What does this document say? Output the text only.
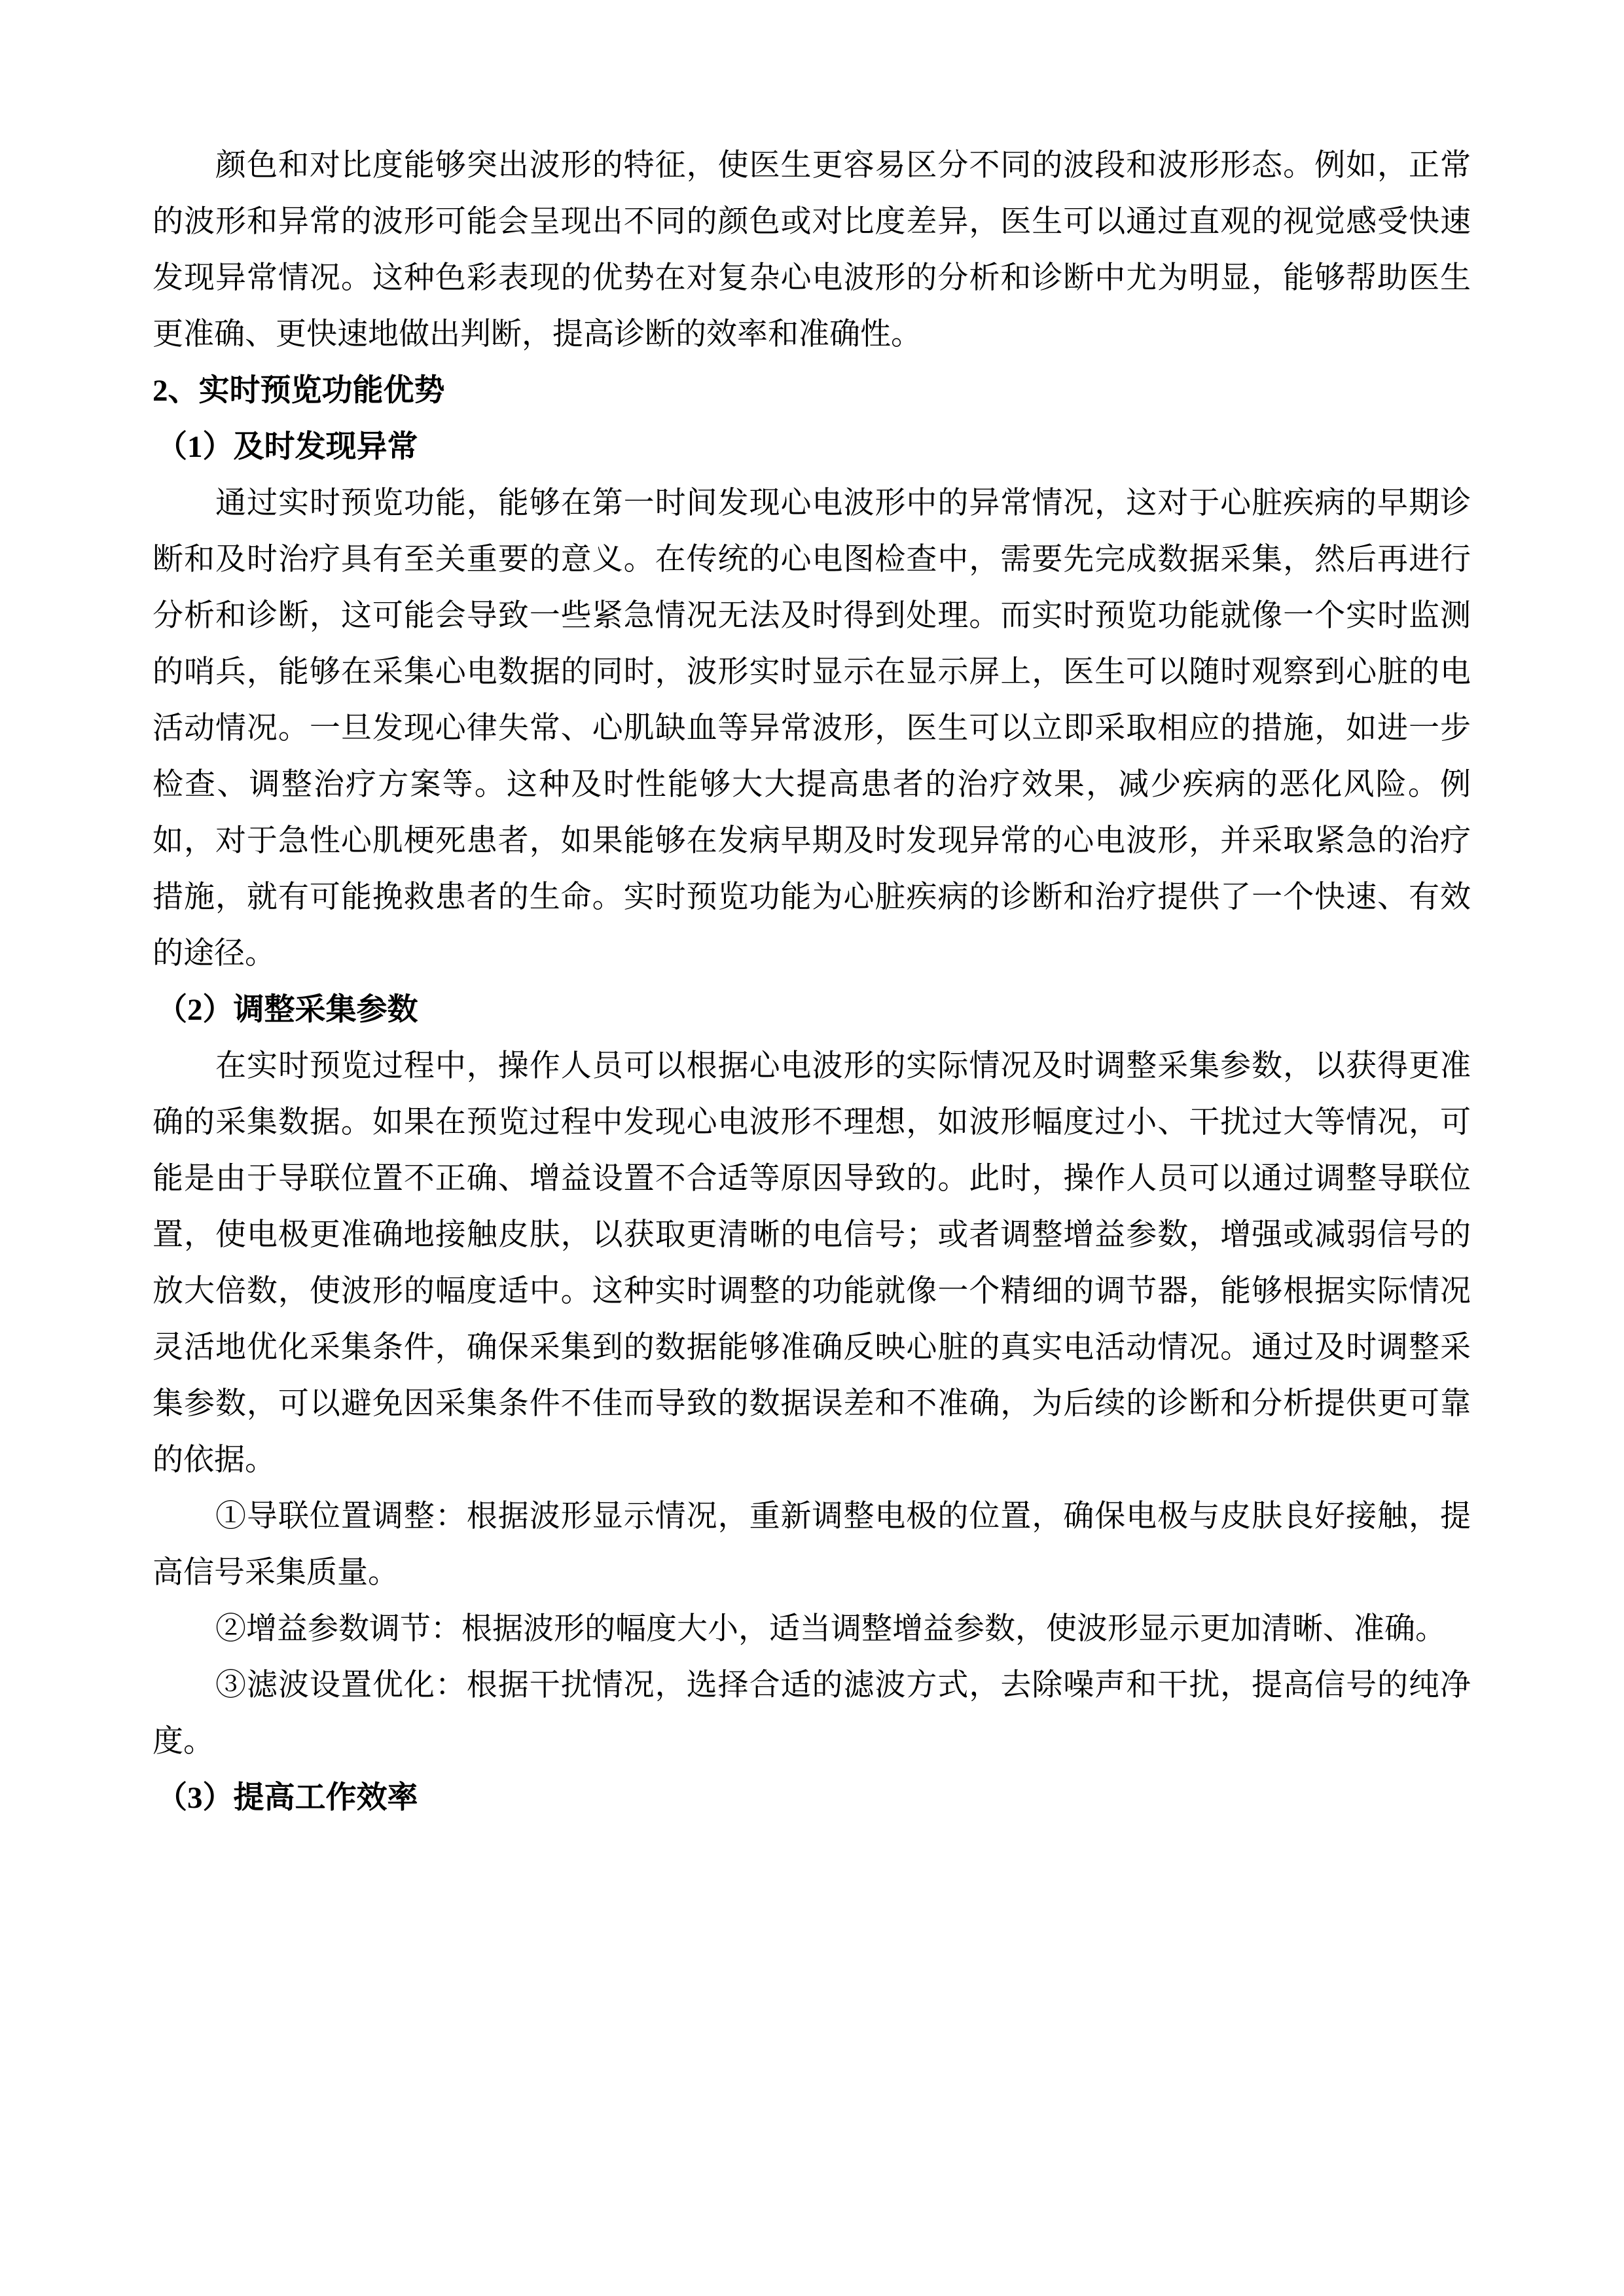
颜色和对比度能够突出波形的特征，使医生更容易区分不同的波段和波形形态。例如，正常的波形和异常的波形可能会呈现出不同的颜色或对比度差异，医生可以通过直观的视觉感受快速发现异常情况。这种色彩表现的优势在对复杂心电波形的分析和诊断中尤为明显，能够帮助医生更准确、更快速地做出判断，提高诊断的效率和准确性。

2、实时预览功能优势
（1）及时发现异常

通过实时预览功能，能够在第一时间发现心电波形中的异常情况，这对于心脏疾病的早期诊断和及时治疗具有至关重要的意义。在传统的心电图检查中，需要先完成数据采集，然后再进行分析和诊断，这可能会导致一些紧急情况无法及时得到处理。而实时预览功能就像一个实时监测的哨兵，能够在采集心电数据的同时，波形实时显示在显示屏上，医生可以随时观察到心脏的电活动情况。一旦发现心律失常、心肌缺血等异常波形，医生可以立即采取相应的措施，如进一步检查、调整治疗方案等。这种及时性能够大大提高患者的治疗效果，减少疾病的恶化风险。例如，对于急性心肌梗死患者，如果能够在发病早期及时发现异常的心电波形，并采取紧急的治疗措施，就有可能挽救患者的生命。实时预览功能为心脏疾病的诊断和治疗提供了一个快速、有效的途径。

（2）调整采集参数

在实时预览过程中，操作人员可以根据心电波形的实际情况及时调整采集参数，以获得更准确的采集数据。如果在预览过程中发现心电波形不理想，如波形幅度过小、干扰过大等情况，可能是由于导联位置不正确、增益设置不合适等原因导致的。此时，操作人员可以通过调整导联位置，使电极更准确地接触皮肤，以获取更清晰的电信号；或者调整增益参数，增强或减弱信号的放大倍数，使波形的幅度适中。这种实时调整的功能就像一个精细的调节器，能够根据实际情况灵活地优化采集条件，确保采集到的数据能够准确反映心脏的真实电活动情况。通过及时调整采集参数，可以避免因采集条件不佳而导致的数据误差和不准确，为后续的诊断和分析提供更可靠的依据。

①导联位置调整：根据波形显示情况，重新调整电极的位置，确保电极与皮肤良好接触，提高信号采集质量。

②增益参数调节：根据波形的幅度大小，适当调整增益参数，使波形显示更加清晰、准确。

③滤波设置优化：根据干扰情况，选择合适的滤波方式，去除噪声和干扰，提高信号的纯净度。

（3）提高工作效率
